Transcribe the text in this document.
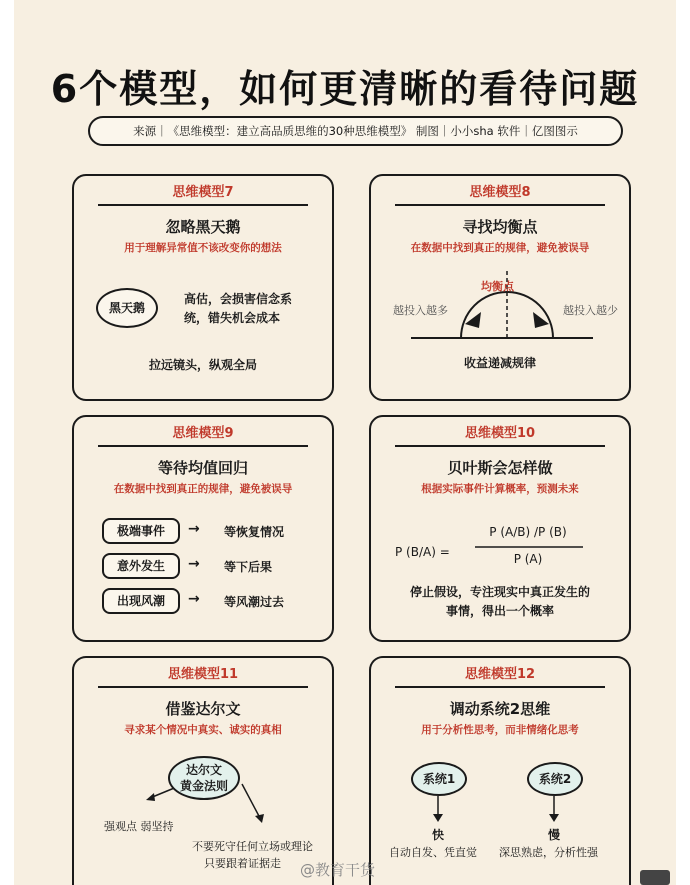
6个模型，如何更清晰的看待问题
来源｜《思维模型：建立高品质思维的30种思维模型》 制图｜小小sha 软件｜亿图图示
思维模型7
忽略黑天鹅
用于理解异常值不该改变你的想法
黑天鹅
高估，会损害信念系
统，错失机会成本
拉远镜头，纵观全局
思维模型8
寻找均衡点
在数据中找到真正的规律，避免被误导
均衡点
越投入越多	越投入越少
收益递减规律
思维模型9
等待均值回归
在数据中找到真正的规律，避免被误导
极端事件	→ 等恢复情况
意外发生	→ 等下后果
出现风潮	→ 等风潮过去
思维模型10
贝叶斯会怎样做
根据实际事件计算概率，预测未来
P (B/A) =
P (A/B) /P (B)
P (A)
停止假设，专注现实中真正发生的
事情，得出一个概率
思维模型11
借鉴达尔文
寻求某个情况中真实、诚实的真相
达尔文
黄金法则
强观点 弱坚持
不要死守任何立场或理论
只要跟着证据走
思维模型12
调动系统2思维
用于分析性思考，而非情绪化思考
系统1	系统2
快	慢
自动自发、凭直觉 深思熟虑，分析性强
@教育干货
